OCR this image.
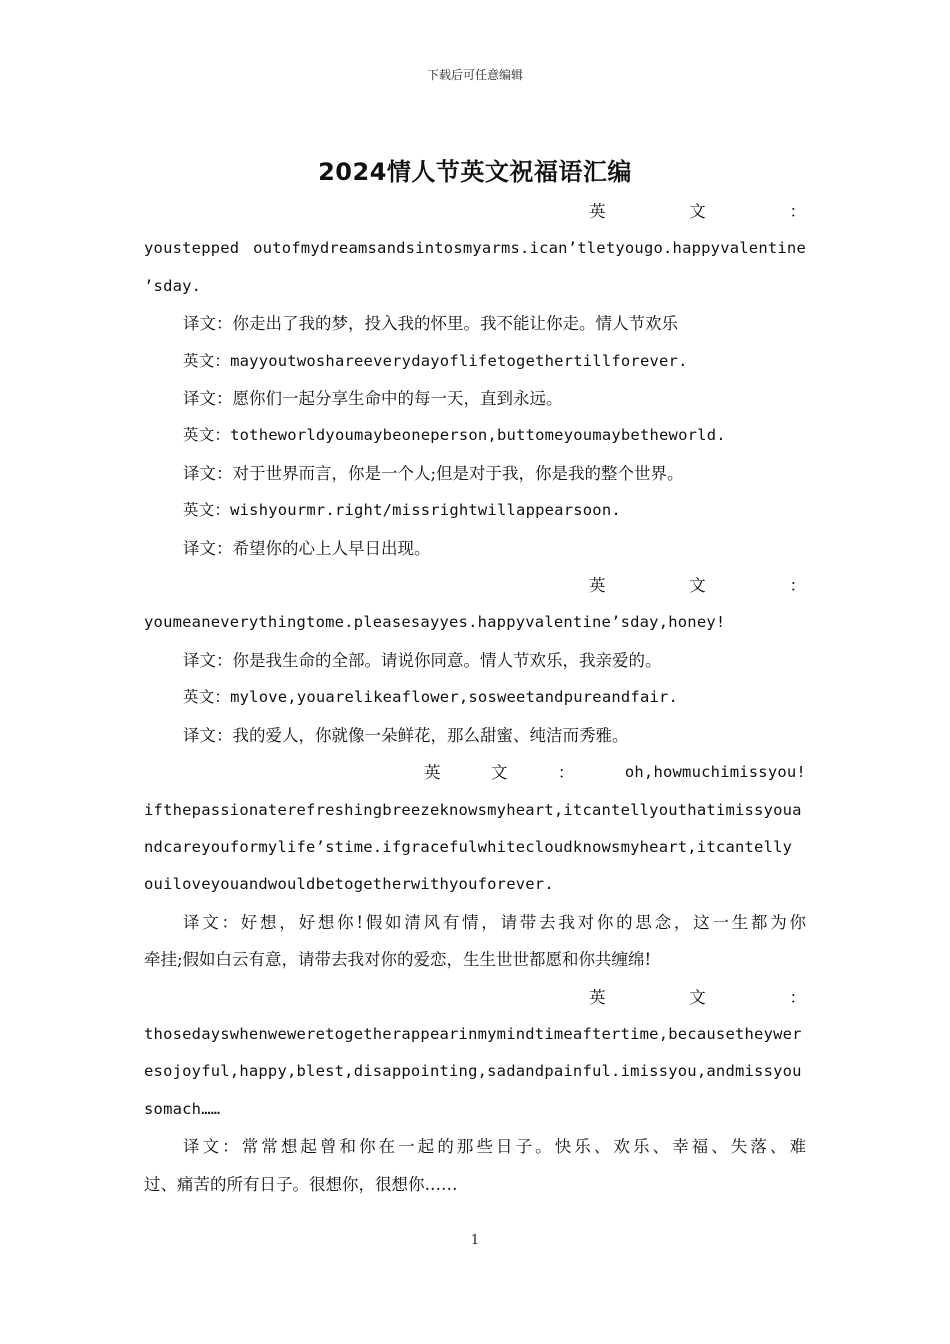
下载后可任意编辑
2024情人节英文祝福语汇编
英	文	：

youstepped outofmydreamsandsintosmyarms.ican’tletyougo.happyvalentine

’sday.

译文：你走出了我的梦，投入我的怀里。我不能让你走。情人节欢乐

英文：mayyoutwoshareeverydayoflifetogethertillforever.

译文：愿你们一起分享生命中的每一天，直到永远。

英文：totheworldyoumaybeoneperson,buttomeyoumaybetheworld.

译文：对于世界而言，你是一个人;但是对于我，你是我的整个世界。

英文：wishyourmr.right/missrightwillappearsoon.

译文：希望你的心上人早日出现。

英	文	：

youmeaneverythingtome.pleasesayyes.happyvalentine’sday,honey!

译文：你是我生命的全部。请说你同意。情人节欢乐，我亲爱的。

英文：mylove,youarelikeaflower,sosweetandpureandfair.

译文：我的爱人，你就像一朵鲜花，那么甜蜜、纯洁而秀雅。

英	文	：	oh,howmuchimissyou!

ifthepassionaterefreshingbreezeknowsmyheart,itcantellyouthatimissyoua

ndcareyouformylife’stime.ifgracefulwhitecloudknowsmyheart,itcantelly

ouiloveyouandwouldbetogetherwithyouforever.

译文：好想，好想你!假如清风有情，请带去我对你的思念，这一生都为你

牵挂;假如白云有意，请带去我对你的爱恋，生生世世都愿和你共缠绵!

英	文	：

thosedayswhenweweretogetherappearinmymindtimeaftertime,becausetheywer

esojoyful,happy,blest,disappointing,sadandpainful.imissyou,andmissyou

somach……

译文：常常想起曾和你在一起的那些日子。快乐、欢乐、幸福、失落、难

过、痛苦的所有日子。很想你，很想你……

1
